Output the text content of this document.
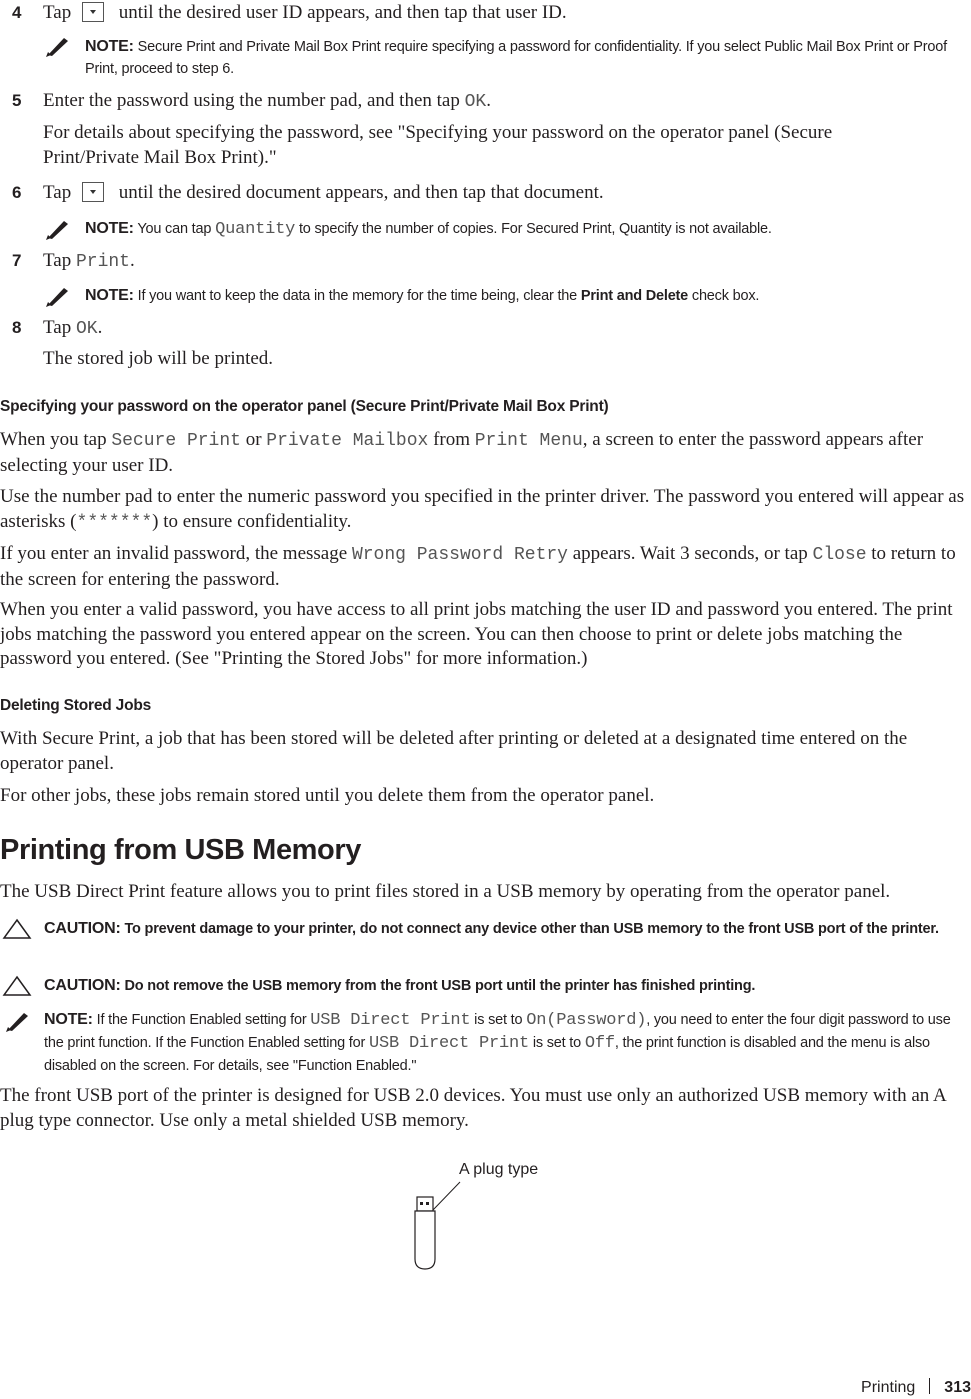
4 Tap	until the desired user ID appears, and then tap that user ID.
NOTE: Secure Print and Private Mail Box Print require specifying a password for confidentiality. If you select Public Mail Box Print or Proof Print, proceed to step 6.
5 Enter the password using the number pad, and then tap OK.
For details about specifying the password, see "Specifying your password on the operator panel (Secure Print/Private Mail Box Print)."
6 Tap	until the desired document appears, and then tap that document.
NOTE: You can tap Quantity to specify the number of copies. For Secured Print, Quantity is not available.
7 Tap Print.
NOTE: If you want to keep the data in the memory for the time being, clear the Print and Delete check box.
8 Tap OK.
The stored job will be printed.
Specifying your password on the operator panel (Secure Print/Private Mail Box Print)
When you tap Secure Print or Private Mailbox from Print Menu, a screen to enter the password appears after selecting your user ID.
Use the number pad to enter the numeric password you specified in the printer driver. The password you entered will appear as asterisks (*******) to ensure confidentiality.
If you enter an invalid password, the message Wrong Password Retry appears. Wait 3 seconds, or tap Close to return to the screen for entering the password.
When you enter a valid password, you have access to all print jobs matching the user ID and password you entered. The print jobs matching the password you entered appear on the screen. You can then choose to print or delete jobs matching the password you entered. (See "Printing the Stored Jobs" for more information.)
Deleting Stored Jobs
With Secure Print, a job that has been stored will be deleted after printing or deleted at a designated time entered on the operator panel.
For other jobs, these jobs remain stored until you delete them from the operator panel.
Printing from USB Memory
The USB Direct Print feature allows you to print files stored in a USB memory by operating from the operator panel.
CAUTION: To prevent damage to your printer, do not connect any device other than USB memory to the front USB port of the printer.
CAUTION: Do not remove the USB memory from the front USB port until the printer has finished printing.
NOTE: If the Function Enabled setting for USB Direct Print is set to On(Password), you need to enter the four digit password to use the print function. If the Function Enabled setting for USB Direct Print is set to Off, the print function is disabled and the menu is also disabled on the screen. For details, see "Function Enabled."
The front USB port of the printer is designed for USB 2.0 devices. You must use only an authorized USB memory with an A plug type connector. Use only a metal shielded USB memory.
A plug type
Printing 313
